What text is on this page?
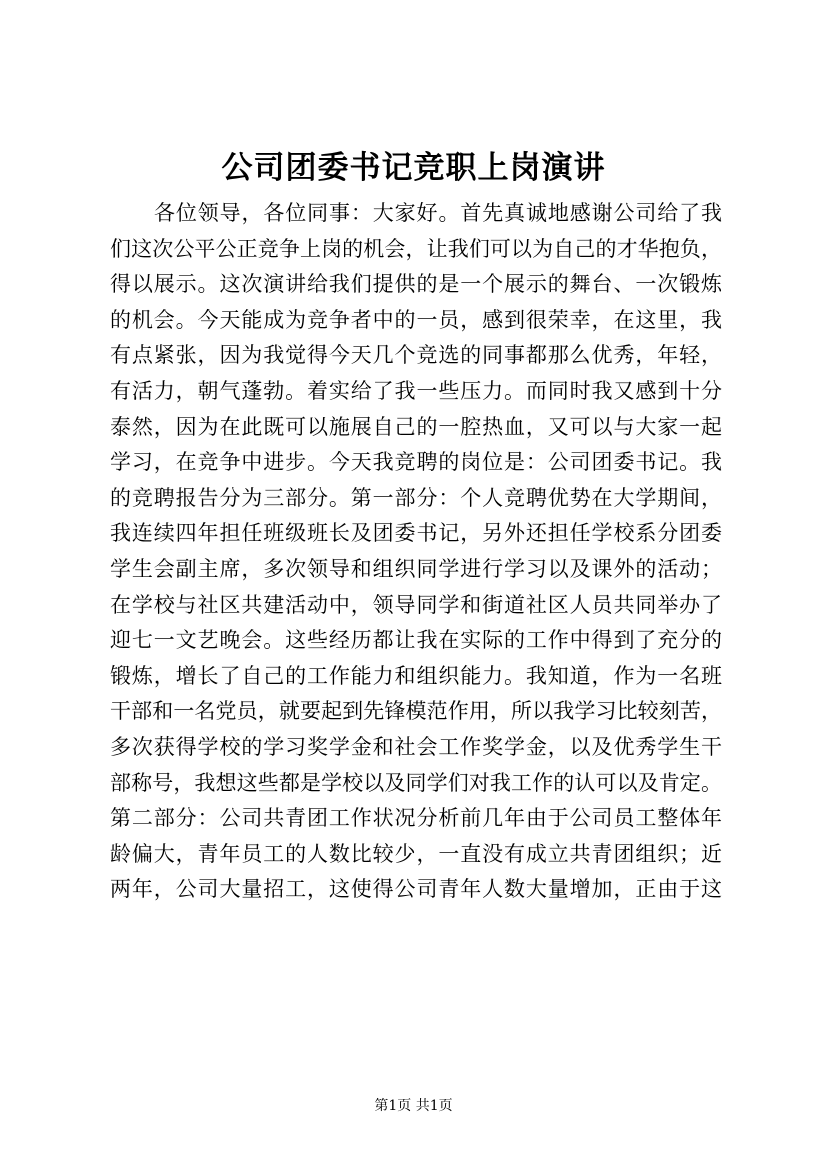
公司团委书记竞职上岗演讲
各位领导，各位同事：大家好。首先真诚地感谢公司给了我
们这次公平公正竞争上岗的机会，让我们可以为自己的才华抱负，
得以展示。这次演讲给我们提供的是一个展示的舞台、一次锻炼
的机会。今天能成为竞争者中的一员，感到很荣幸，在这里，我
有点紧张，因为我觉得今天几个竞选的同事都那么优秀，年轻，
有活力，朝气蓬勃。着实给了我一些压力。而同时我又感到十分
泰然，因为在此既可以施展自己的一腔热血，又可以与大家一起
学习，在竞争中进步。今天我竞聘的岗位是：公司团委书记。我
的竞聘报告分为三部分。第一部分：个人竞聘优势在大学期间，
我连续四年担任班级班长及团委书记，另外还担任学校系分团委
学生会副主席，多次领导和组织同学进行学习以及课外的活动；
在学校与社区共建活动中，领导同学和街道社区人员共同举办了
迎七一文艺晚会。这些经历都让我在实际的工作中得到了充分的
锻炼，增长了自己的工作能力和组织能力。我知道，作为一名班
干部和一名党员，就要起到先锋模范作用，所以我学习比较刻苦，
多次获得学校的学习奖学金和社会工作奖学金，以及优秀学生干
部称号，我想这些都是学校以及同学们对我工作的认可以及肯定。
第二部分：公司共青团工作状况分析前几年由于公司员工整体年
龄偏大，青年员工的人数比较少，一直没有成立共青团组织；近
两年，公司大量招工，这使得公司青年人数大量增加，正由于这
第1页 共1页
